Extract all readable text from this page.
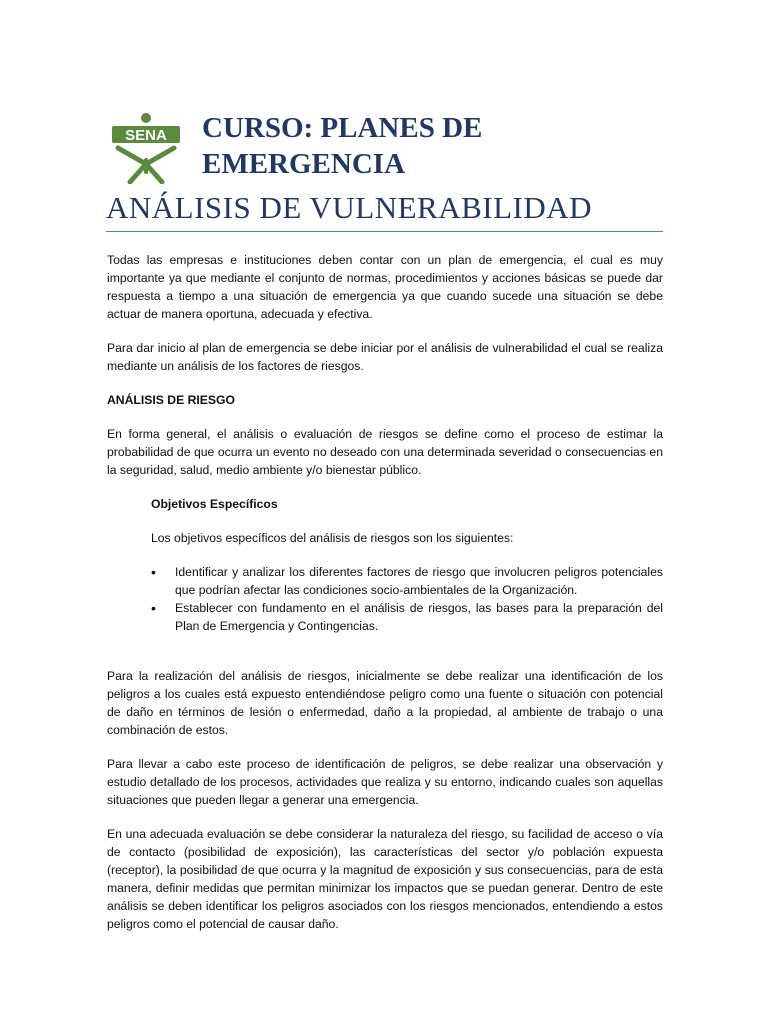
SENA CURSO: PLANES DE
EMERGENCIA
ANÁLISIS DE VULNERABILIDAD

Todas las empresas e instituciones deben contar con un plan de emergencia, el cual es muy importante ya que mediante el conjunto de normas, procedimientos y acciones básicas se puede dar respuesta a tiempo a una situación de emergencia ya que cuando sucede una situación se debe actuar de manera oportuna, adecuada y efectiva.

Para dar inicio al plan de emergencia se debe iniciar por el análisis de vulnerabilidad el cual se realiza mediante un análisis de los factores de riesgos.

ANÁLISIS DE RIESGO

En forma general, el análisis o evaluación de riesgos se define como el proceso de estimar la probabilidad de que ocurra un evento no deseado con una determinada severidad o consecuencias en la seguridad, salud, medio ambiente y/o bienestar público.

Objetivos Específicos

Los objetivos específicos del análisis de riesgos son los siguientes:

• Identificar y analizar los diferentes factores de riesgo que involucren peligros potenciales que podrían afectar las condiciones socio-ambientales de la Organización.
• Establecer con fundamento en el análisis de riesgos, las bases para la preparación del Plan de Emergencia y Contingencias.

Para la realización del análisis de riesgos, inicialmente se debe realizar una identificación de los peligros a los cuales está expuesto entendiéndose peligro como una fuente o situación con potencial de daño en términos de lesión o enfermedad, daño a la propiedad, al ambiente de trabajo o una combinación de estos.

Para llevar a cabo este proceso de identificación de peligros, se debe realizar una observación y estudio detallado de los procesos, actividades que realiza y su entorno, indicando cuales son aquellas situaciones que pueden llegar a generar una emergencia.

En una adecuada evaluación se debe considerar la naturaleza del riesgo, su facilidad de acceso o vía de contacto (posibilidad de exposición), las características del sector y/o población expuesta (receptor), la posibilidad de que ocurra y la magnitud de exposición y sus consecuencias, para de esta manera, definir medidas que permitan minimizar los impactos que se puedan generar. Dentro de este análisis se deben identificar los peligros asociados con los riesgos mencionados, entendiendo a estos peligros como el potencial de causar daño.
